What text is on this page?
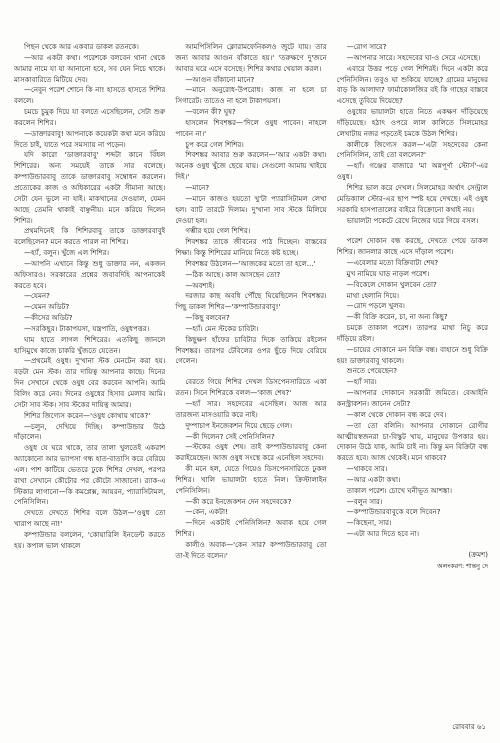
পিছন থেকে আর একবার ডাকল রতনকে।

—আর একটা কথা। পরেশকে বলবেন থানা থেকে আমার নামে যা যা আনানো হবে, সব যেন নিচে থাকে। মাসকাবারিতে মিটিয়ে দেব।

—নেবুন পরেশ শোনে কি না! হাসতে হাসতে শিশির বললে।

চমচে চুমুক দিয়ে যা বলতে এসেছিলেন, সেটা শুরু করলেন শিশির।

—ডাক্তারবাবু! আপনাকে কয়েকটা কথা মনে করিয়ে দিতে চাই, যাতে পরে সমস্যায় না পড়েন।

যদি কারো 'ডাক্তারবাবু' শব্দটা কানে বিঁধল শিশিরের। অন্য সময়েই তাকে সার বলেছে। কম্পাউন্ডারবাবু তাকে ডাক্তারবাবু সম্বোধন করলেন। প্রত্যেকের কাজ ও অধিকারের একটা সীমানা আছে। সেটা যেন ভুলে না যাই। মাকখানের দেওয়াল, যেমন আছে তেমনি থাকাই বাঞ্ছনীয়। মনে করিয়ে দিলেন শিশির।

প্রথমদিনেই কি শিশিরবাবু তাকে ডাক্তারবাবুই বলেছিলেন? মনে করতে পারল না শিশির।

—হ্যাঁ, বলুন। খুঁজে এল শিশির।

—আপনি এখানে কিন্তু শুধু ডাক্তার নন, একজন অফিসারও। সরকারের প্রশ্নের জবাবদিহি আপনাকেই করতে হবে।

—যেমন?

—যেমন অডিট?

—কীসের অডিট?

—সরকিছুর। টাকাপয়সা, যন্ত্রপাতি, ওষুধপত্তর।

ঘাম হাতে লাগল শিশিরের। এতকিছু জানলে হাসিমুখে কাজে চাকরি খুঁজতে যেতেন।

—প্রথমেই ওষুধ। দু'খানা স্টক মেনটেন করা হয়। বড়টা মেন স্টক। তার দায়িত্ব আপনার কাছে। দিনের দিন সেখানে থেকে ওষুধ বের করবেন আপনি। আমি বিলিং করে নেব। দিনের ওষুধের হিসাব মেলাব আমি। সেটা সাব স্টক। সাব স্টকের দায়িত্ব আমার।

শিশির জিগ্যেস করেন—'ওষুধ কোথায় থাকে?'

—চলুন, দেখিয়ে দিচ্ছি। কম্পাউন্ডার উঠে দাঁড়ালেন।

ওষুধ যে ঘরে থাকে, তার তালা খুলতেই একরাশ অ্যাকোনো আর ভ্যাপসা গন্ধ হাত-বাতাসি করে বেরিয়ে এল। পাশ কাটিয়ে ভেতরে ঢুকে শিশির দেখল, পরপর রাখা সেখানে কৌটোর পর কৌটো সাজানো। র‍্যাক-এ স্টিকার লাগানো—কি কমপ্লেক্স, আয়রন, প্যারাসিটামল, পেনিসিলিন।

দেখতে দেখতে শিশির বলে উঠল—'ওষুধ তো খারাপ আছে না!'

কম্পাউন্ডার বললেন, 'কোয়ারিলি ইনডেন্ট করতে হয়। কপাল ভাল থাকলে

আমপিসিলিন ক্লোরামফেনিকলও জুটে যায়। তার জন্য আবার আগুন বাঁকাতে হয়।' 'তরুক্ষণে দু'জনে আবার ঘরে এসে বসেছে। শিশির কথার খেয়াল করল।

—আগুন বাঁকানো মানে?

—মানে অনুরোধ-উপরোধ। কাজ না হলে চা সিগারেট। তাতেও না হলে টাকাপয়সা।

—বলেন কী? ঘুষ?

হাসলেন শিবশঙ্কর—'দিলে ওষুধ পাবেন। নাহলে পাবেন না।'

চুপ করে গেল শিশির।

শিবশঙ্কর আবার শুরু করলেন—'আর একটা কথা। অনেক ওষুধ খুঁজে ছেয়ে যায়। সেগুলো আমায় খাইয়ে দিই।'

—মানে?

—মানে কাজও হয়তো খু'টা প্যারাসিটামল লেখা হল। ব্যাট তারটে দিলাম। দু'খানা সাব স্টকে মিলিয়ে দেওয়া হল।

গম্ভীর হয়ে গেল শিশির।

শিবশঙ্কর তাকে জীবনের পাঠ দিচ্ছেন। বাস্তবের শিক্ষা। কিন্তু শিশিরের মানিয়ে নিতে কষ্ট হচ্ছে।

শিবশঙ্কর উঠলেন—'আজকের মতো তা হলে...'

—ঠিক আছে। কাল আসছেন তো?

—অবশ্যই।

দরজার কাছ অবধি পৌঁছে ঘিয়েছিলেন শিবশঙ্কর। পিছু ডাকল শিশির—'কম্পাউন্ডারবাবু!'

—কিছু বলবেন?

—হ্যাঁ। মেন স্টকের চাবিটা।

কিছুক্ষণ হাঁফের চাবিটার দিকে তাকিয়ে রইলেন শিবশঙ্কর। তারপর টেবিলের ওপর ছুঁড়ে দিয়ে বেরিয়ে গেলেন।

বেরতে গিয়ে শিশির দেখল ডিসপেনসারিতে একা রতন। সিনে শিশিরকে বলল—'কাজ শেষ?'

—হ্যাঁ সার। সহদেবের এসেছিল। আজ আর তারজন্য মাসওয়ারি করে নাই।

দুম্পাচাপ ইনজেকশন দিয়ে ছেড়ে গেল।

—কী দিলেন? সেই পেনিসিলিন?

—স্টকের ওষুধ শেষ। তাই কম্পাউন্ডারবাবু কেনা করাইয়েছেন। আজ ওষুধ সংস্থে করে এনেছিল সহদেব।

কী মনে হল, যেতে গিয়েও ডিসপেনসারিতে ঢুকল শিশির। খালি ভায়ালটা হাতে নিল। ক্রিস্টালাইন পেনিসিলিন।

—কী করে ইনজেকশন দেন সহদেবকে?

—কেন, একটা!

—দিনে একটাই পেনিসিলিন? অবাক হয়ে গেল শিশির।

কালীও অবাক—'কেন সার? কম্পাউন্ডারবাবু তো তা-ই দিতে বলেন।'

—রোগ সারে?

—আপনার সারে। সহদেবের ঘা-ও সেরে এসেছে।

এবারে উত্তর পড়ে গেল শিশিরই। দিনে একটা করে পেনিসিলিন। তবুও ঘা শুকিয়ে যাচ্ছে? গ্রামের মানুষের বাড় কি আলাদা? ফার্মাকোলজির বই কি গাছের বাস্তবে এসেছে তুবিয়ে দিয়েছে?

ওষুধের ভায়ালটা হাতে নিতে একক্ষণ দাঁড়িয়েছে দাঁড়িয়েছে। হঠাৎ ওপরে লাল কালিতে সিলমোহর লেখাটায় নজর পড়তেই চমকে উঠল শিশির।

কালীকে জিগ্যেস করল—'এটা সহদেবের কেনা পেনিসিলিন, তাই তো বললেন?'

—হ্যাঁ। গঞ্জের বাজারে 'মা অন্নপূর্ণা স্টোর্স'-এর ওষুধ।

শিশির ভাল করে দেখল। সিলমোহর অর্থাৎ সেন্ট্রাল মেডিক্যাল স্টোর-এর ছাপ স্পষ্ট হয়ে দেখছে। এই ওষুধ সরকারি হাসপাতালের বাইরে বিক্রোনো কথাই নয়।

ভায়ালটা পকেটে রেখে নিজের ঘরে গিয়ে বসল।

পরেশ দোকান বন্ধ করছে, দেখতে পেয়ে ডাকল শিশির। জানলার কাছে এসে দাঁড়াল পরেশ।

—এবেলার মতো বিক্রিবাটা শেষ?

মুখ নামিয়ে ঘাড় নাড়ল পরেশ।

—বিকেলে দোকান খুলবেন তো?

মাথা হেলানি দিয়ে।

—রোদ পড়লে খুলব।

—কী বিক্রি করেন, চা, না অন্য কিছু?

চমকে তাকাল পরেশ। তারপর মাথা নিচু করে দাঁড়িয়ে রইল।

—চায়ের দোকানে মন বিক্রি বন্ধ। বাহানে শুধু বিক্রি হয়! ডাক্তারবাবু থাকলে।

শুনতে পেয়েছেন?

—হ্যাঁ সার।

—আপনার দোকানে সরকারী জমিতে। বেআইনি কনস্ট্রাকশন। জানেন সেটা?

—কাল থেকে দোকান বন্ধ করে দেব।

—তা তো বলিনি। আপনার দোকানে রোগীর আত্মীয়স্বজনরা চা-বিস্কুট খায়, মানুষের উপকার হয়। দোকান উঠে যাক, আমি চাই না। কিন্তু মন বিক্রিটা বন্ধ করতে হবে। আজ থেকেই। মনে থাকবে?

—থাকবে সার।

—আর একটা কথা।

তাকাল পরেশ। চোখে ঘনীভূত আশঙ্কা।

—বলুন সার।

—কম্পাউন্ডারবাবুকে বলে দিবেন?

—কিছেনা, সার।

—এটা আর দিতে হবে না।

(ক্রমশ)

অলংকরণ: শান্তনু দে

রোববার ৬১
